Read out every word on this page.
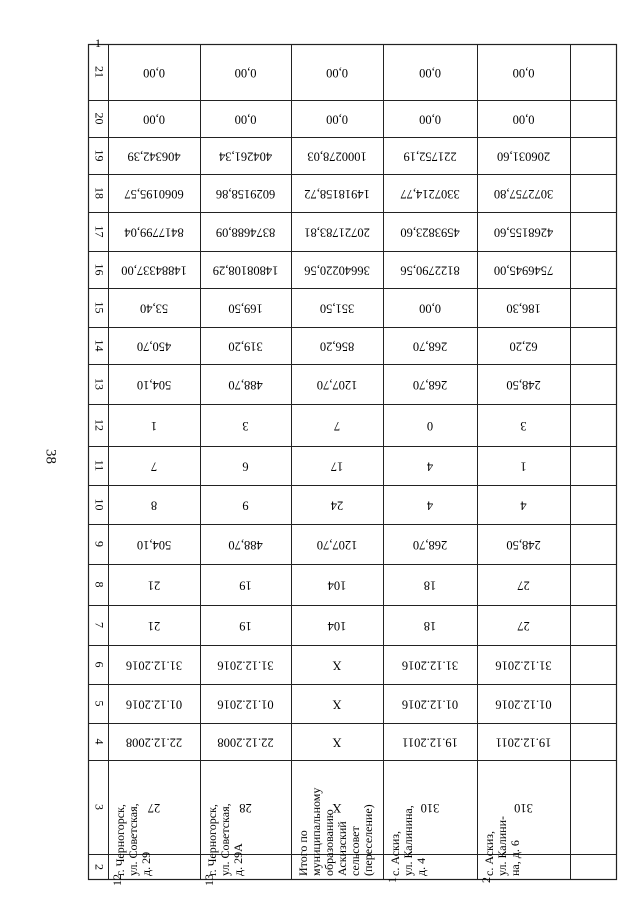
38
21
20
19
18
17
16
15
14
13
12
11
10
9
8
7
6
5
4
3
2
1
0,00
0,00
406342,39
6060195,57
8417799,04
14884337,00
53,40
450,70
504,10
1
7
8
504,10
21
21
31.12.2016
01.12.2016
22.12.2008
27
г. Черногорск, ул. Советская, д. 29
12
0,00
0,00
404261,34
6029158,86
8374688,09
14808108,29
169,50
319,20
488,70
3
6
9
488,70
19
19
31.12.2016
01.12.2016
22.12.2008
28
г. Черногорск, ул. Советская, д. 29А
13
0,00
0,00
1000278,03
14918158,72
20721783,81
36640220,56
351,50
856,20
1207,70
7
17
24
1207,70
104
104
X
X
X
X
Итого по муниципальному образованию Аскизский сельсовет (переселение)
0,00
0,00
221752,19
3307214,77
4593823,60
8122790,56
0,00
268,70
268,70
0
4
4
268,70
18
18
31.12.2016
01.12.2016
19.12.2011
310
с. Аскиз, ул. Калинина, д. 4
1
0,00
0,00
206031,60
3072757,80
4268155,60
7546945,00
186,30
62,20
248,50
3
1
4
248,50
27
27
31.12.2016
01.12.2016
19.12.2011
310
с. Аскиз, ул. Калини- на, д. 6
2
